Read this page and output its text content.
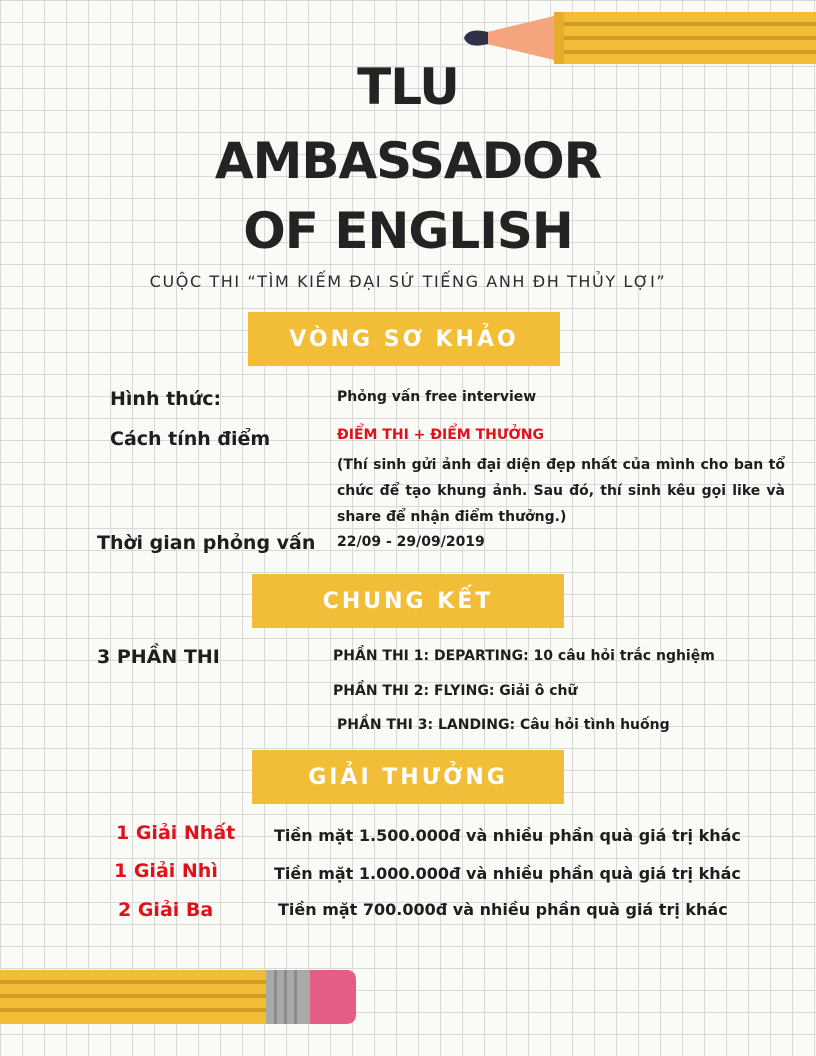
TLU
AMBASSADOR
OF ENGLISH
CUỘC THI “TÌM KIẾM ĐẠI SỨ TIẾNG ANH ĐH THỦY LỢI”
VÒNG SƠ KHẢO
Hình thức:	Phỏng vấn free interview
Cách tính điểm	ĐIỂM THI + ĐIỂM THƯỞNG
(Thí sinh gửi ảnh đại diện đẹp nhất của mình cho ban tổ chức để tạo khung ảnh. Sau đó, thí sinh kêu gọi like và share để nhận điểm thưởng.)
Thời gian phỏng vấn 22/09 - 29/09/2019
CHUNG KẾT
3 PHẦN THI	PHẦN THI 1: DEPARTING: 10 câu hỏi trắc nghiệm
PHẦN THI 2: FLYING: Giải ô chữ
PHẦN THI 3: LANDING: Câu hỏi tình huống
GIẢI THƯỞNG
1 Giải Nhất Tiền mặt 1.500.000đ và nhiều phần quà giá trị khác
1 Giải Nhì	Tiền mặt 1.000.000đ và nhiều phần quà giá trị khác
2 Giải Ba	Tiền mặt 700.000đ và nhiều phần quà giá trị khác
